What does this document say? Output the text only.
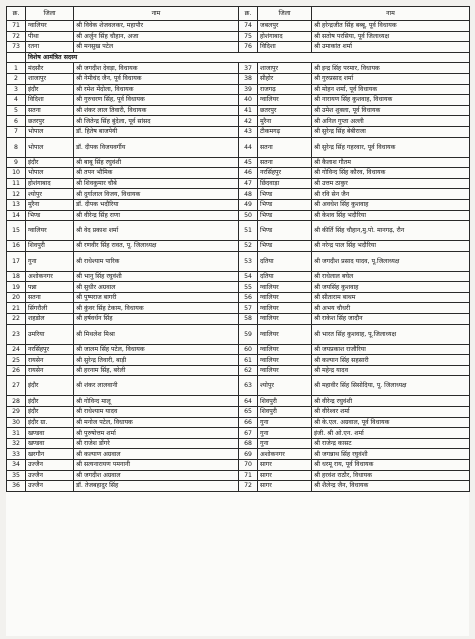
क्र.	जिला	नाम	क्र.	जिला	नाम
71	ग्वालियर	श्री विवेक शेजवलकर, महापौर	74	जबलपुर	श्री हरेन्द्रजीत सिंह बब्बू, पूर्व विधायक
72	पीथा	श्री अर्जुन सिंह चौहान, अजा	75	होशंगाबाद	श्री सतोष परसिया, पूर्व जिलाध्यक्ष
73	रतना	श्री मनसुख पटेल	76	विदिशा	श्री उमाकांत शर्मा
	विशेष आमंत्रित सदस्य				
1	मंदसौर	श्री जगदीश देवड़ा, विधायक	37	शाजापुर	श्री इन्द्र सिंह परमार, विधायक
2	शाजापुर	श्री नेमीचंद जैन, पूर्व विधायक	38	सीहोर	श्री गुरुप्रसाद शर्मा
3	इंदौर	श्री रमेश मेंदोला, विधायक	39	राजगढ़	श्री मोहन शर्मा, पूर्व विधायक
4	विदिशा	श्री गुरुचरण सिंह, पूर्व विधायक	40	ग्वालियर	श्री नारायण सिंह कुशवाह, विधायक
5	सतना	श्री शंकर लाल तिवारी, विधायक	41	छतरपुर	श्री उमेश शुक्ला, पूर्व विधायक
6	छतरपुर	श्री जितेन्द्र सिंह बुंदेला, पूर्व सांसद	42	मुरैना	श्री अनिल गुप्ता अल्ली
7	भोपाल	डॉ. हितेष बाजपेयी	43	टीकमगढ़	श्री सुरेन्द्र सिंह बेबीराजा
8	भोपाल	डॉ. दीपक विजयवर्गीय	44	सतना	श्री सुरेन्द्र सिंह गहरवार, पूर्व विधायक
9	इंदौर	श्री बाबू सिंह रघुवंशी	45	सतना	श्री कैलाश गौतम
10	भोपाल	श्री तपन भौमिक	46	नरसिंहपुर	श्री गोविन्द सिंह कौरव, विधायक
11	होशंगाबाद	श्री शिवकुमार चौबे	47	छिंदवाड़ा	श्री उत्तम ठाकुर
12	श्योपुर	श्री दुर्गालाल विजय, विधायक	48	भिण्ड	श्री रवि सेन जैन
13	मुरैना	डॉ. दीपक भदौरिया	49	भिण्ड	श्री अवधेश सिंह कुशवाह
14	भिण्ड	श्री वीरेन्द्र सिंह राणा	50	भिण्ड	श्री केशव सिंह भदौरिया
15	ग्वालियर	श्री वेद प्रकाश शर्मा	51	भिण्ड	श्री कीर्ति सिंह चौहान,मु.पो. मानगढ़, रौन
16	शिवपुरी	श्री रणवीर सिंह रावत, पू. जिलाध्यक्ष	52	भिण्ड	श्री नरेन्द्र पाल सिंह भदौरिया
17	गुना	श्री राधेश्याम पारिक	53	दतिया	श्री जगदीश प्रसाद यादव, पू.जिलाध्यक्ष
18	अशोकनगर	श्री भानु सिंह रघुवंशी	54	दतिया	श्री राधेलाल बघेल
19	पन्ना	श्री सुधीर अग्रवाल	55	ग्वालियर	श्री जयसिंह कुशवाह
20	सतना	श्री पुष्पराज बागरी	56	ग्वालियर	श्री सीताराम बाथम
21	सिंगरौली	श्री कुंवर सिंह टेकाम, विधायक	57	ग्वालियर	श्री अभय चौधरी
22	शहडोल	श्री हर्षवर्धन सिंह	58	ग्वालियर	श्री राकेश सिंह जादौन
23	उमरिया	श्री मिथलेश मिश्रा	59	ग्वालियर	श्री भारत सिंह कुशवाह, पू.जिलाध्यक्ष
24	नरसिंहपुर	श्री जालम सिंह पटेल, विधायक	60	ग्वालियर	श्री जयप्रकाश राजौरिया
25	रायसेन	श्री सुरेन्द्र तिवारी, बाड़ी	61	ग्वालियर	श्री कल्यान सिंह सहसारी
26	रायसेन	श्री हरनाम सिंह, बरेली	62	ग्वालियर	श्री महेन्द्र यादव
27	इंदौर	श्री शंकर लालवानी	63	श्योपुर	श्री महावीर सिंह सिसोदिया, पू. जिलाध्यक्ष
28	इंदौर	श्री गोविन्द मालू	64	शिवपुरी	श्री वीरेन्द्र रघुवंशी
29	इंदौर	श्री राधेश्याम यादव	65	शिवपुरी	श्री वीरेश्वर शर्मा
30	इंदौर ग्रा.	श्री मनोज पटेल, विधायक	66	गुना	श्री के.एल. अग्रवाल, पूर्व विधायक
31	खण्डवा	श्री पुरुषोत्तम शर्मा	67	गुना	इंजी. श्री ओ.एन. शर्मा
32	खण्डवा	श्री राजेश डोंगरे	68	गुना	श्री राजेन्द्र कासट
33	खरगौन	श्री कल्याण अग्रवाल	69	अशोकनगर	श्री जगन्नाथ सिंह रघुवंशी
34	उज्जैन	श्री सत्यनारायण पमनानी	70	सागर	श्री धरमू राय, पूर्व विधायक
35	उज्जैन	श्री जगदीश अग्रवाल	71	सागर	श्री हरवंश राठौर, विधायक
36	उज्जैन	डॉ. तेजबहादुर सिंह	72	सागर	श्री शैलेन्द्र जैन, विधायक
